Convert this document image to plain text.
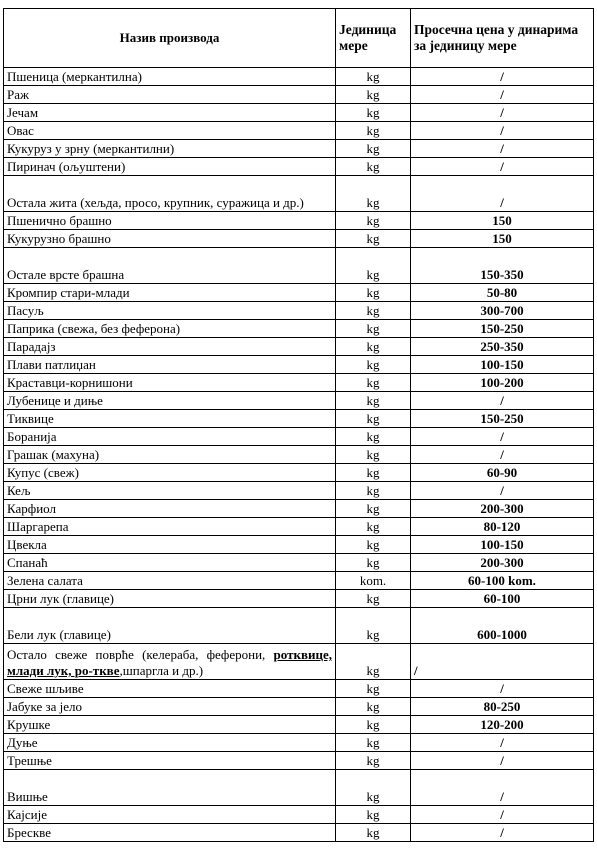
Назив производа	Јединица мере	Просечна цена у динарима за јединицу мере
Пшеница (меркантилна)	kg	/
Раж	kg	/
Јечам	kg	/
Овас	kg	/
Кукуруз у зрну (меркантилни)	kg	/
Пиринач (ољуштени)	kg	/
Остала жита (хељда, просо, крупник, суражица и др.)	kg	/
Пшенично брашно	kg	150
Кукурузно брашно	kg	150
Остале врсте брашна	kg	150-350
Кромпир стари-млади	kg	50-80
Пасуљ	kg	300-700
Паприка (свежа, без феферона)	kg	150-250
Парадајз	kg	250-350
Плави патлиџан	kg	100-150
Краставци-корнишони	kg	100-200
Лубенице и диње	kg	/
Тиквице	kg	150-250
Боранија	kg	/
Грашак (махуна)	kg	/
Купус (свеж)	kg	60-90
Кељ	kg	/
Карфиол	kg	200-300
Шаргарепа	kg	80-120
Цвекла	kg	100-150
Спанаћ	kg	200-300
Зелена салата	kom.	60-100 kom.
Црни лук (главице)	kg	60-100
Бели лук (главице)	kg	600-1000
Остало свеже поврће (келераба, феферони, ротквице, млади лук, ро-тквe,шпаргла и др.)	kg	/
Свеже шљиве	kg	/
Јабуке за јело	kg	80-250
Крушке	kg	120-200
Дуње	kg	/
Трешње	kg	/
Вишње	kg	/
Кајсије	kg	/
Брескве	kg	/
